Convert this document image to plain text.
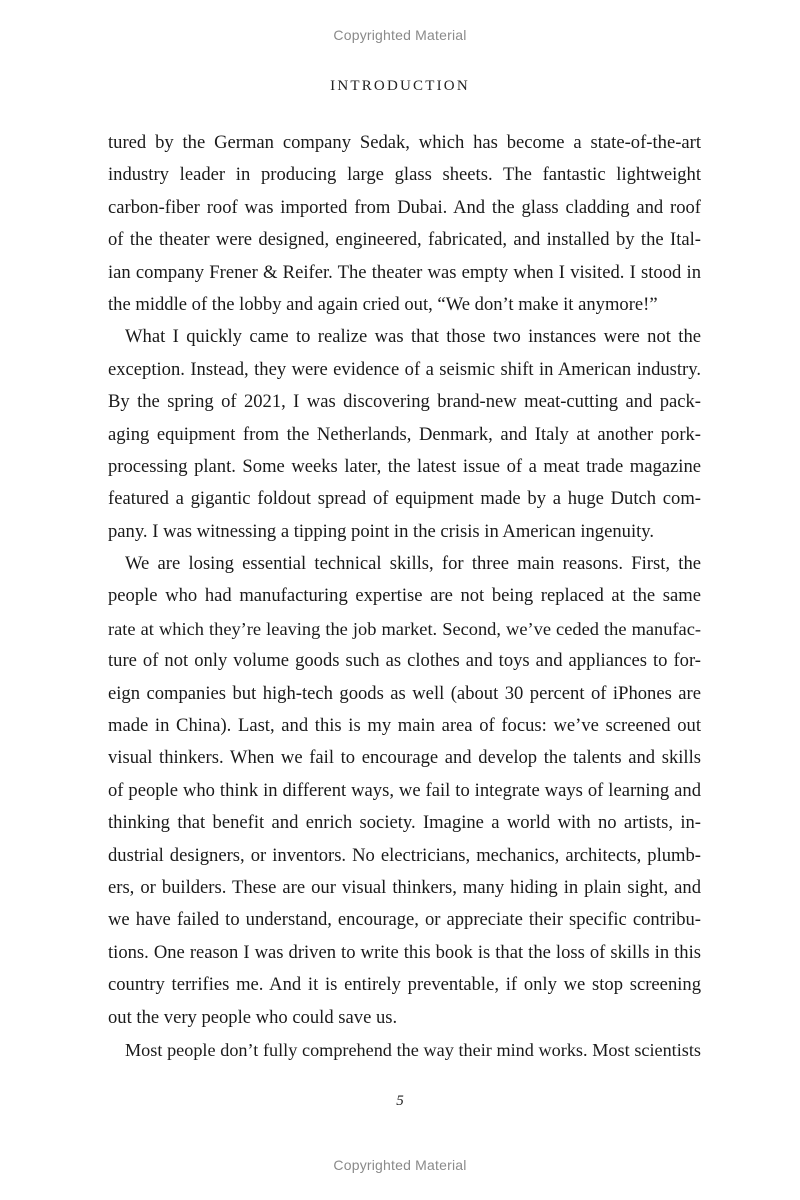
Copyrighted Material
INTRODUCTION
tured by the German company Sedak, which has become a state-of-the-art
industry leader in producing large glass sheets. The fantastic lightweight
carbon-fiber roof was imported from Dubai. And the glass cladding and roof
of the theater were designed, engineered, fabricated, and installed by the Ital-
ian company Frener & Reifer. The theater was empty when I visited. I stood in
the middle of the lobby and again cried out, “We don’t make it anymore!”
What I quickly came to realize was that those two instances were not the
exception. Instead, they were evidence of a seismic shift in American industry.
By the spring of 2021, I was discovering brand-new meat-cutting and pack-
aging equipment from the Netherlands, Denmark, and Italy at another pork-
processing plant. Some weeks later, the latest issue of a meat trade magazine
featured a gigantic foldout spread of equipment made by a huge Dutch com-
pany. I was witnessing a tipping point in the crisis in American ingenuity.
We are losing essential technical skills, for three main reasons. First, the
people who had manufacturing expertise are not being replaced at the same
rate at which they’re leaving the job market. Second, we’ve ceded the manufac-
ture of not only volume goods such as clothes and toys and appliances to for-
eign companies but high-tech goods as well (about 30 percent of iPhones are
made in China). Last, and this is my main area of focus: we’ve screened out
visual thinkers. When we fail to encourage and develop the talents and skills
of people who think in different ways, we fail to integrate ways of learning and
thinking that benefit and enrich society. Imagine a world with no artists, in-
dustrial designers, or inventors. No electricians, mechanics, architects, plumb-
ers, or builders. These are our visual thinkers, many hiding in plain sight, and
we have failed to understand, encourage, or appreciate their specific contribu-
tions. One reason I was driven to write this book is that the loss of skills in this
country terrifies me. And it is entirely preventable, if only we stop screening
out the very people who could save us.
Most people don’t fully comprehend the way their mind works. Most scientists
5
Copyrighted Material
